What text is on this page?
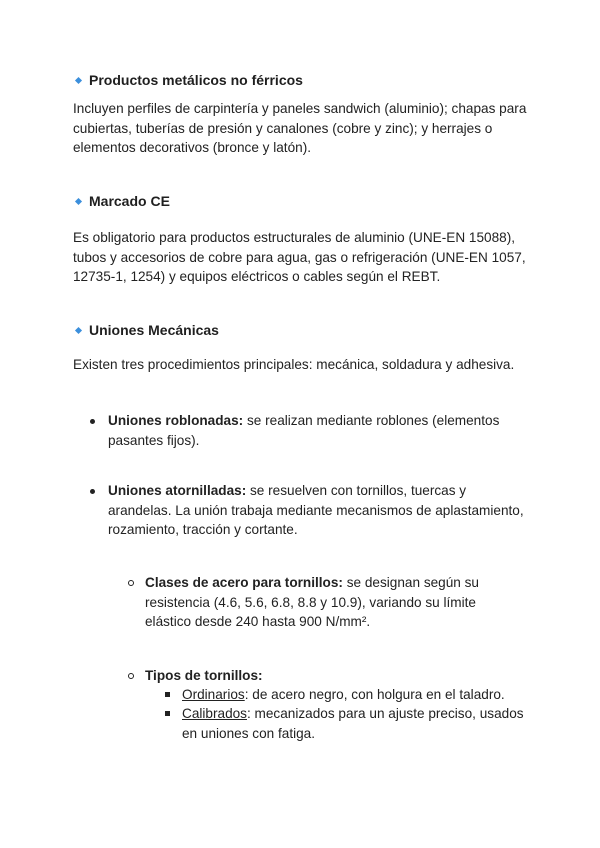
Productos metálicos no férricos

Incluyen perfiles de carpintería y paneles sandwich (aluminio); chapas para cubiertas, tuberías de presión y canalones (cobre y zinc); y herrajes o elementos decorativos (bronce y latón).

Marcado CE

Es obligatorio para productos estructurales de aluminio (UNE-EN 15088), tubos y accesorios de cobre para agua, gas o refrigeración (UNE-EN 1057, 12735-1, 1254) y equipos eléctricos o cables según el REBT.

Uniones Mecánicas

Existen tres procedimientos principales: mecánica, soldadura y adhesiva.

Uniones roblonadas: se realizan mediante roblones (elementos pasantes fijos).

Uniones atornilladas: se resuelven con tornillos, tuercas y arandelas. La unión trabaja mediante mecanismos de aplastamiento, rozamiento, tracción y cortante.

Clases de acero para tornillos: se designan según su resistencia (4.6, 5.6, 6.8, 8.8 y 10.9), variando su límite elástico desde 240 hasta 900 N/mm².

Tipos de tornillos:

Ordinarios: de acero negro, con holgura en el taladro.

Calibrados: mecanizados para un ajuste preciso, usados en uniones con fatiga.
